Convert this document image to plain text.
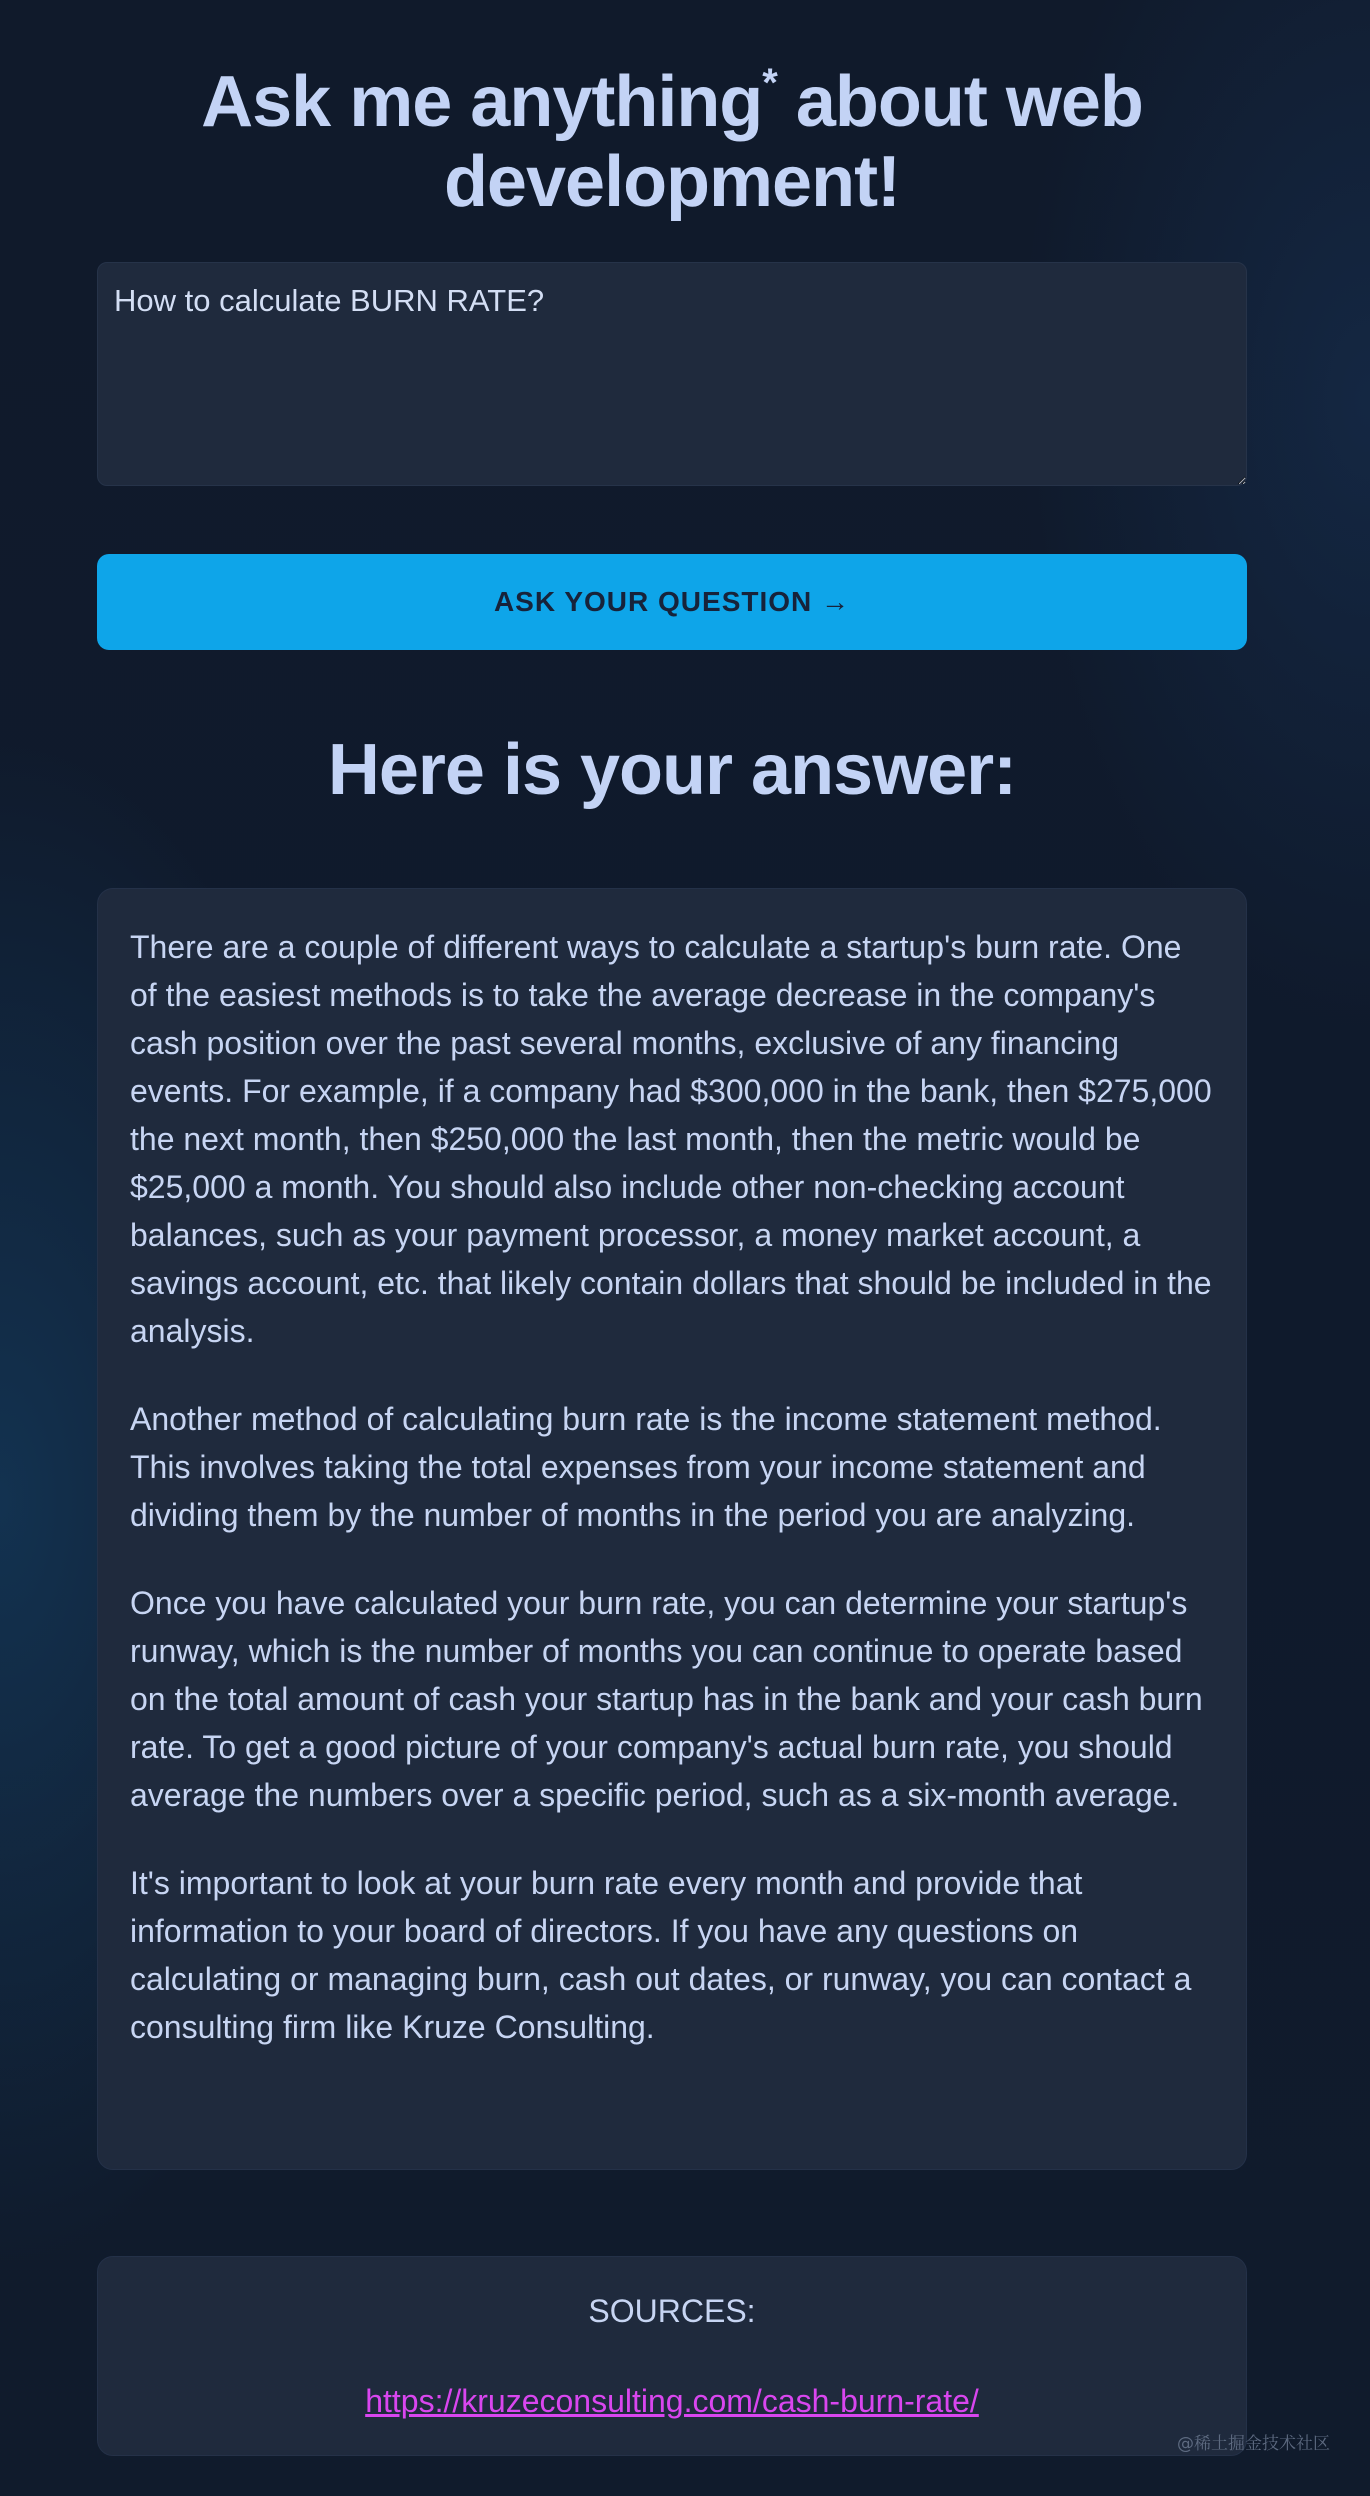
Ask me anything* about web development!
How to calculate BURN RATE?
ASK YOUR QUESTION →
Here is your answer:

There are a couple of different ways to calculate a startup's burn rate. One of the easiest methods is to take the average decrease in the company's cash position over the past several months, exclusive of any financing events. For example, if a company had $300,000 in the bank, then $275,000 the next month, then $250,000 the last month, then the metric would be $25,000 a month. You should also include other non-checking account balances, such as your payment processor, a money market account, a savings account, etc. that likely contain dollars that should be included in the analysis.

Another method of calculating burn rate is the income statement method. This involves taking the total expenses from your income statement and dividing them by the number of months in the period you are analyzing.

Once you have calculated your burn rate, you can determine your startup's runway, which is the number of months you can continue to operate based on the total amount of cash your startup has in the bank and your cash burn rate. To get a good picture of your company's actual burn rate, you should average the numbers over a specific period, such as a six-month average.

It's important to look at your burn rate every month and provide that information to your board of directors. If you have any questions on calculating or managing burn, cash out dates, or runway, you can contact a consulting firm like Kruze Consulting.

SOURCES:
https://kruzeconsulting.com/cash-burn-rate/
@稀土掘金技术社区
